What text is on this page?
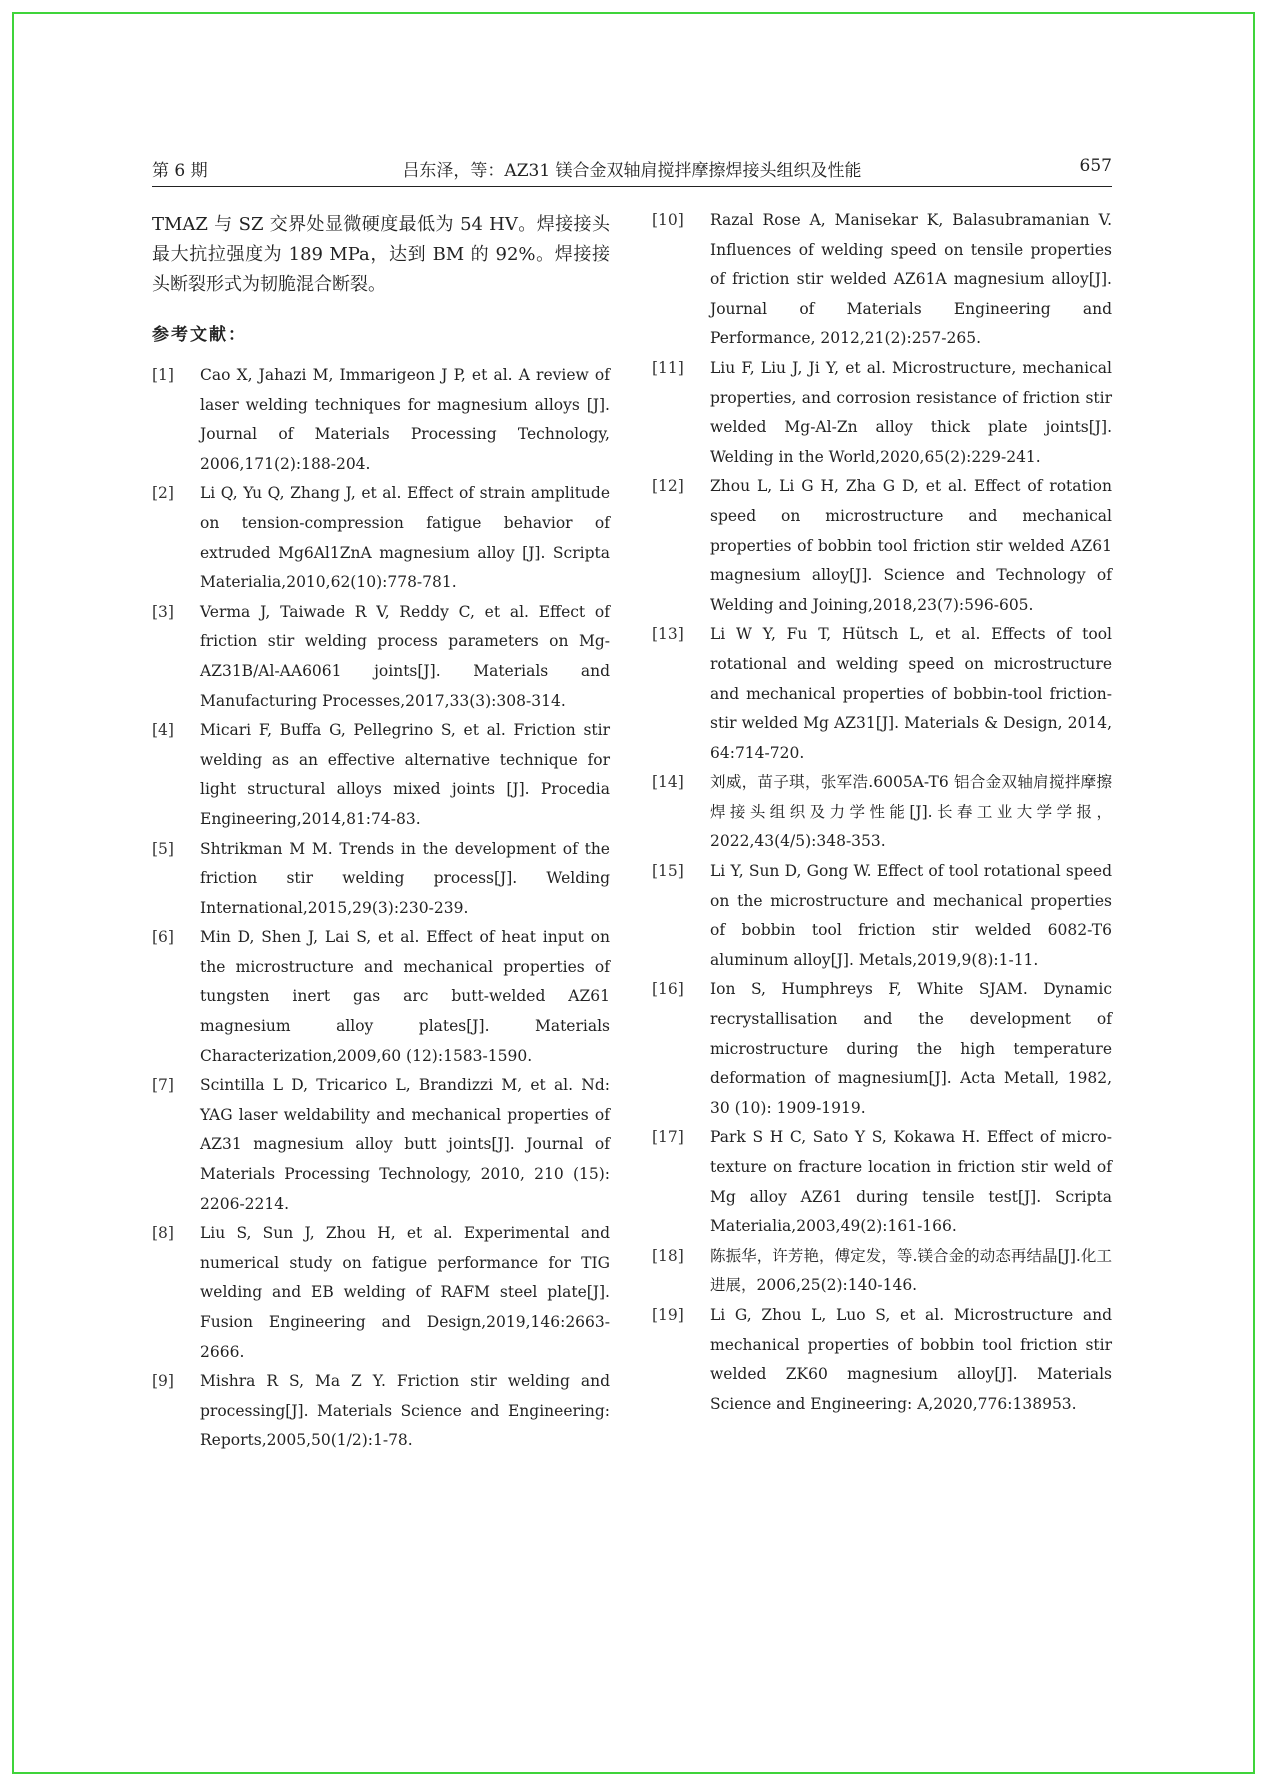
第 6 期	吕东泽，等：AZ31 镁合金双轴肩搅拌摩擦焊接头组织及性能	657

TMAZ 与 SZ 交界处显微硬度最低为 54 HV。焊接接头最大抗拉强度为 189 MPa，达到 BM 的 92%。焊接接头断裂形式为韧脆混合断裂。

参考文献：
[1]	Cao X, Jahazi M, Immarigeon J P, et al. A review of laser welding techniques for magnesium alloys [J]. Journal of Materials Processing Technology, 2006,171(2):188-204.
[2]	Li Q, Yu Q, Zhang J, et al. Effect of strain amplitude on tension-compression fatigue behavior of extruded Mg6Al1ZnA magnesium alloy [J]. Scripta Materialia,2010,62(10):778-781.
[3]	Verma J, Taiwade R V, Reddy C, et al. Effect of friction stir welding process parameters on Mg-AZ31B/Al-AA6061 joints[J]. Materials and Manufacturing Processes,2017,33(3):308-314.
[4]	Micari F, Buffa G, Pellegrino S, et al. Friction stir welding as an effective alternative technique for light structural alloys mixed joints [J]. Procedia Engineering,2014,81:74-83.
[5]	Shtrikman M M. Trends in the development of the friction stir welding process[J]. Welding International,2015,29(3):230-239.
[6]	Min D, Shen J, Lai S, et al. Effect of heat input on the microstructure and mechanical properties of tungsten inert gas arc butt-welded AZ61 magnesium alloy plates[J]. Materials Characterization,2009,60 (12):1583-1590.
[7]	Scintilla L D, Tricarico L, Brandizzi M, et al. Nd: YAG laser weldability and mechanical properties of AZ31 magnesium alloy butt joints[J]. Journal of Materials Processing Technology, 2010, 210 (15): 2206-2214.
[8]	Liu S, Sun J, Zhou H, et al. Experimental and numerical study on fatigue performance for TIG welding and EB welding of RAFM steel plate[J]. Fusion Engineering and Design,2019,146:2663-2666.
[9]	Mishra R S, Ma Z Y. Friction stir welding and processing[J]. Materials Science and Engineering: Reports,2005,50(1/2):1-78.
[10]	Razal Rose A, Manisekar K, Balasubramanian V. Influences of welding speed on tensile properties of friction stir welded AZ61A magnesium alloy[J]. Journal of Materials Engineering and Performance, 2012,21(2):257-265.
[11]	Liu F, Liu J, Ji Y, et al. Microstructure, mechanical properties, and corrosion resistance of friction stir welded Mg-Al-Zn alloy thick plate joints[J]. Welding in the World,2020,65(2):229-241.
[12]	Zhou L, Li G H, Zha G D, et al. Effect of rotation speed on microstructure and mechanical properties of bobbin tool friction stir welded AZ61 magnesium alloy[J]. Science and Technology of Welding and Joining,2018,23(7):596-605.
[13]	Li W Y, Fu T, Hütsch L, et al. Effects of tool rotational and welding speed on microstructure and mechanical properties of bobbin-tool friction-stir welded Mg AZ31[J]. Materials & Design, 2014, 64:714-720.
[14]	刘威，苗子琪，张军浩.6005A-T6 铝合金双轴肩搅拌摩擦焊接头组织及力学性能[J].长春工业大学学报，2022,43(4/5):348-353.
[15]	Li Y, Sun D, Gong W. Effect of tool rotational speed on the microstructure and mechanical properties of bobbin tool friction stir welded 6082-T6 aluminum alloy[J]. Metals,2019,9(8):1-11.
[16]	Ion S, Humphreys F, White SJAM. Dynamic recrystallisation and the development of microstructure during the high temperature deformation of magnesium[J]. Acta Metall, 1982, 30 (10): 1909-1919.
[17]	Park S H C, Sato Y S, Kokawa H. Effect of micro-texture on fracture location in friction stir weld of Mg alloy AZ61 during tensile test[J]. Scripta Materialia,2003,49(2):161-166.
[18]	陈振华，许芳艳，傅定发，等.镁合金的动态再结晶[J].化工进展，2006,25(2):140-146.
[19]	Li G, Zhou L, Luo S, et al. Microstructure and mechanical properties of bobbin tool friction stir welded ZK60 magnesium alloy[J]. Materials Science and Engineering: A,2020,776:138953.
